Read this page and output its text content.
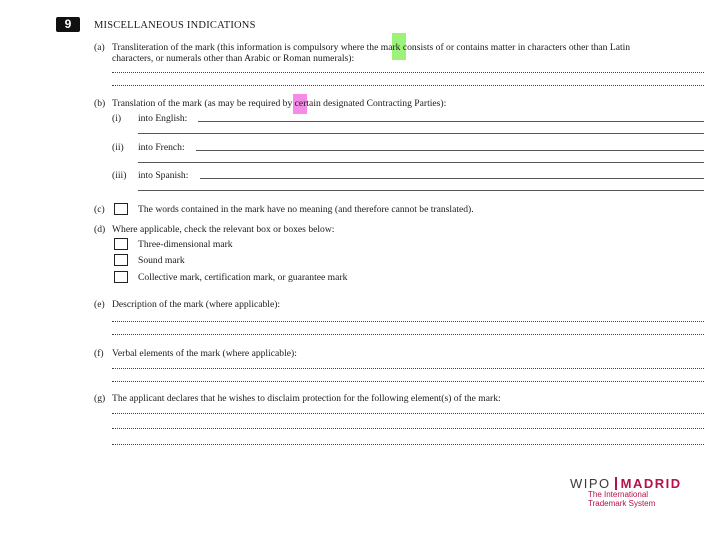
9	MISCELLANEOUS INDICATIONS
(a) Transliteration of the mark (this information is compulsory where the mark consists of or contains matter in characters other than Latin
characters, or numerals other than Arabic or Roman numerals):
(b) Translation of the mark (as may be required by certain designated Contracting Parties):
(i) into English:
(ii) into French:
(iii) into Spanish:
(c)	The words contained in the mark have no meaning (and therefore cannot be translated).
(d) Where applicable, check the relevant box or boxes below:
Three-dimensional mark
Sound mark
Collective mark, certification mark, or guarantee mark
(e) Description of the mark (where applicable):
(f) Verbal elements of the mark (where applicable):
(g) The applicant declares that he wishes to disclaim protection for the following element(s) of the mark:
WIPO MADRID
The International
Trademark System
